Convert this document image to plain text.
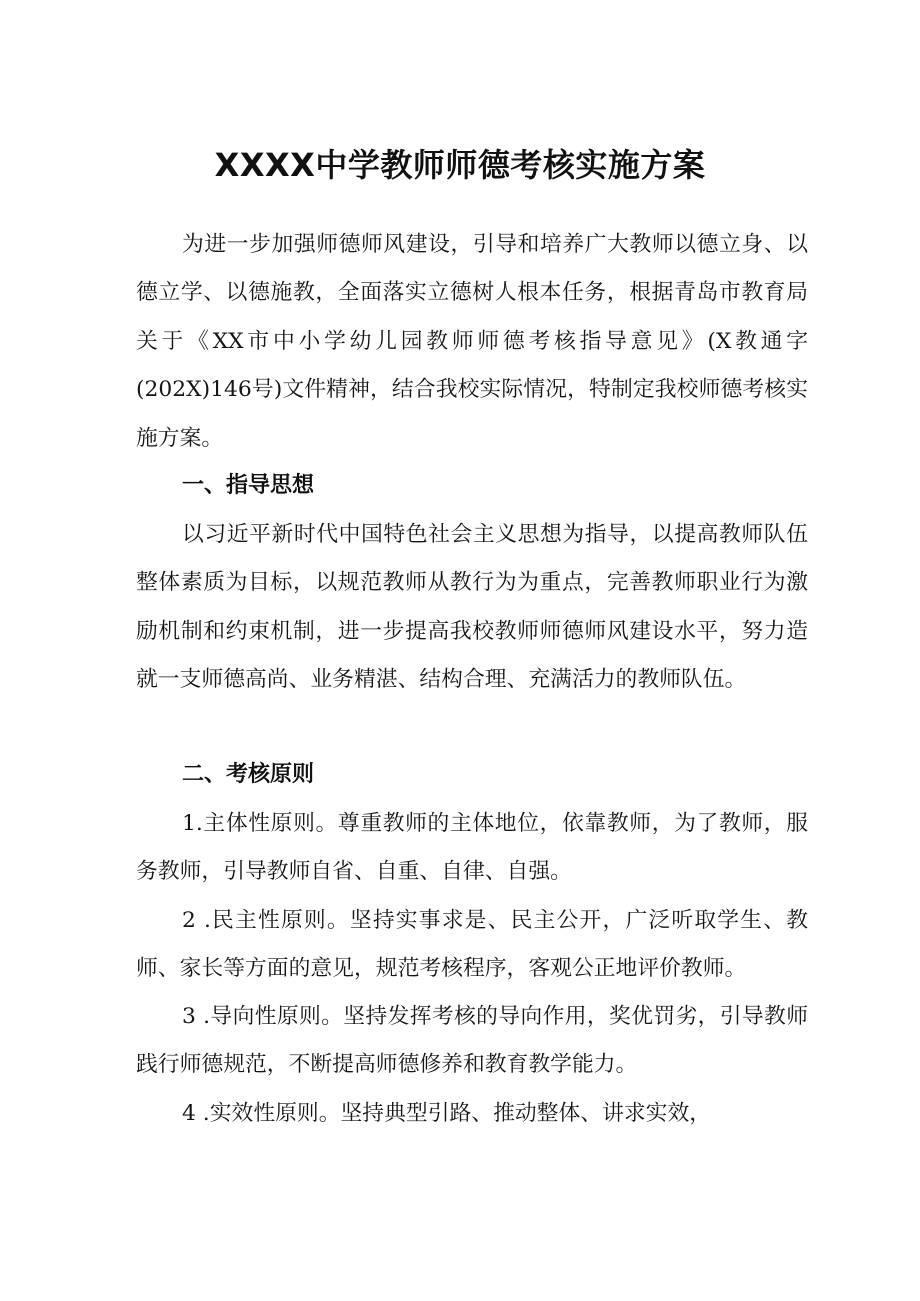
XXXX中学教师师德考核实施方案

为进一步加强师德师风建设，引导和培养广大教师以德立身、以德立学、以德施教，全面落实立德树人根本任务，根据青岛市教育局关于《XX市中小学幼儿园教师师德考核指导意见》(X教通字(202X)146号)文件精神，结合我校实际情况，特制定我校师德考核实施方案。

一、指导思想

以习近平新时代中国特色社会主义思想为指导，以提高教师队伍整体素质为目标，以规范教师从教行为为重点，完善教师职业行为激励机制和约束机制，进一步提高我校教师师德师风建设水平，努力造就一支师德高尚、业务精湛、结构合理、充满活力的教师队伍。

二、考核原则

1.主体性原则。尊重教师的主体地位，依靠教师，为了教师，服务教师，引导教师自省、自重、自律、自强。

2 .民主性原则。坚持实事求是、民主公开，广泛听取学生、教师、家长等方面的意见，规范考核程序，客观公正地评价教师。

3 .导向性原则。坚持发挥考核的导向作用，奖优罚劣，引导教师践行师德规范，不断提高师德修养和教育教学能力。

4 .实效性原则。坚持典型引路、推动整体、讲求实效，
